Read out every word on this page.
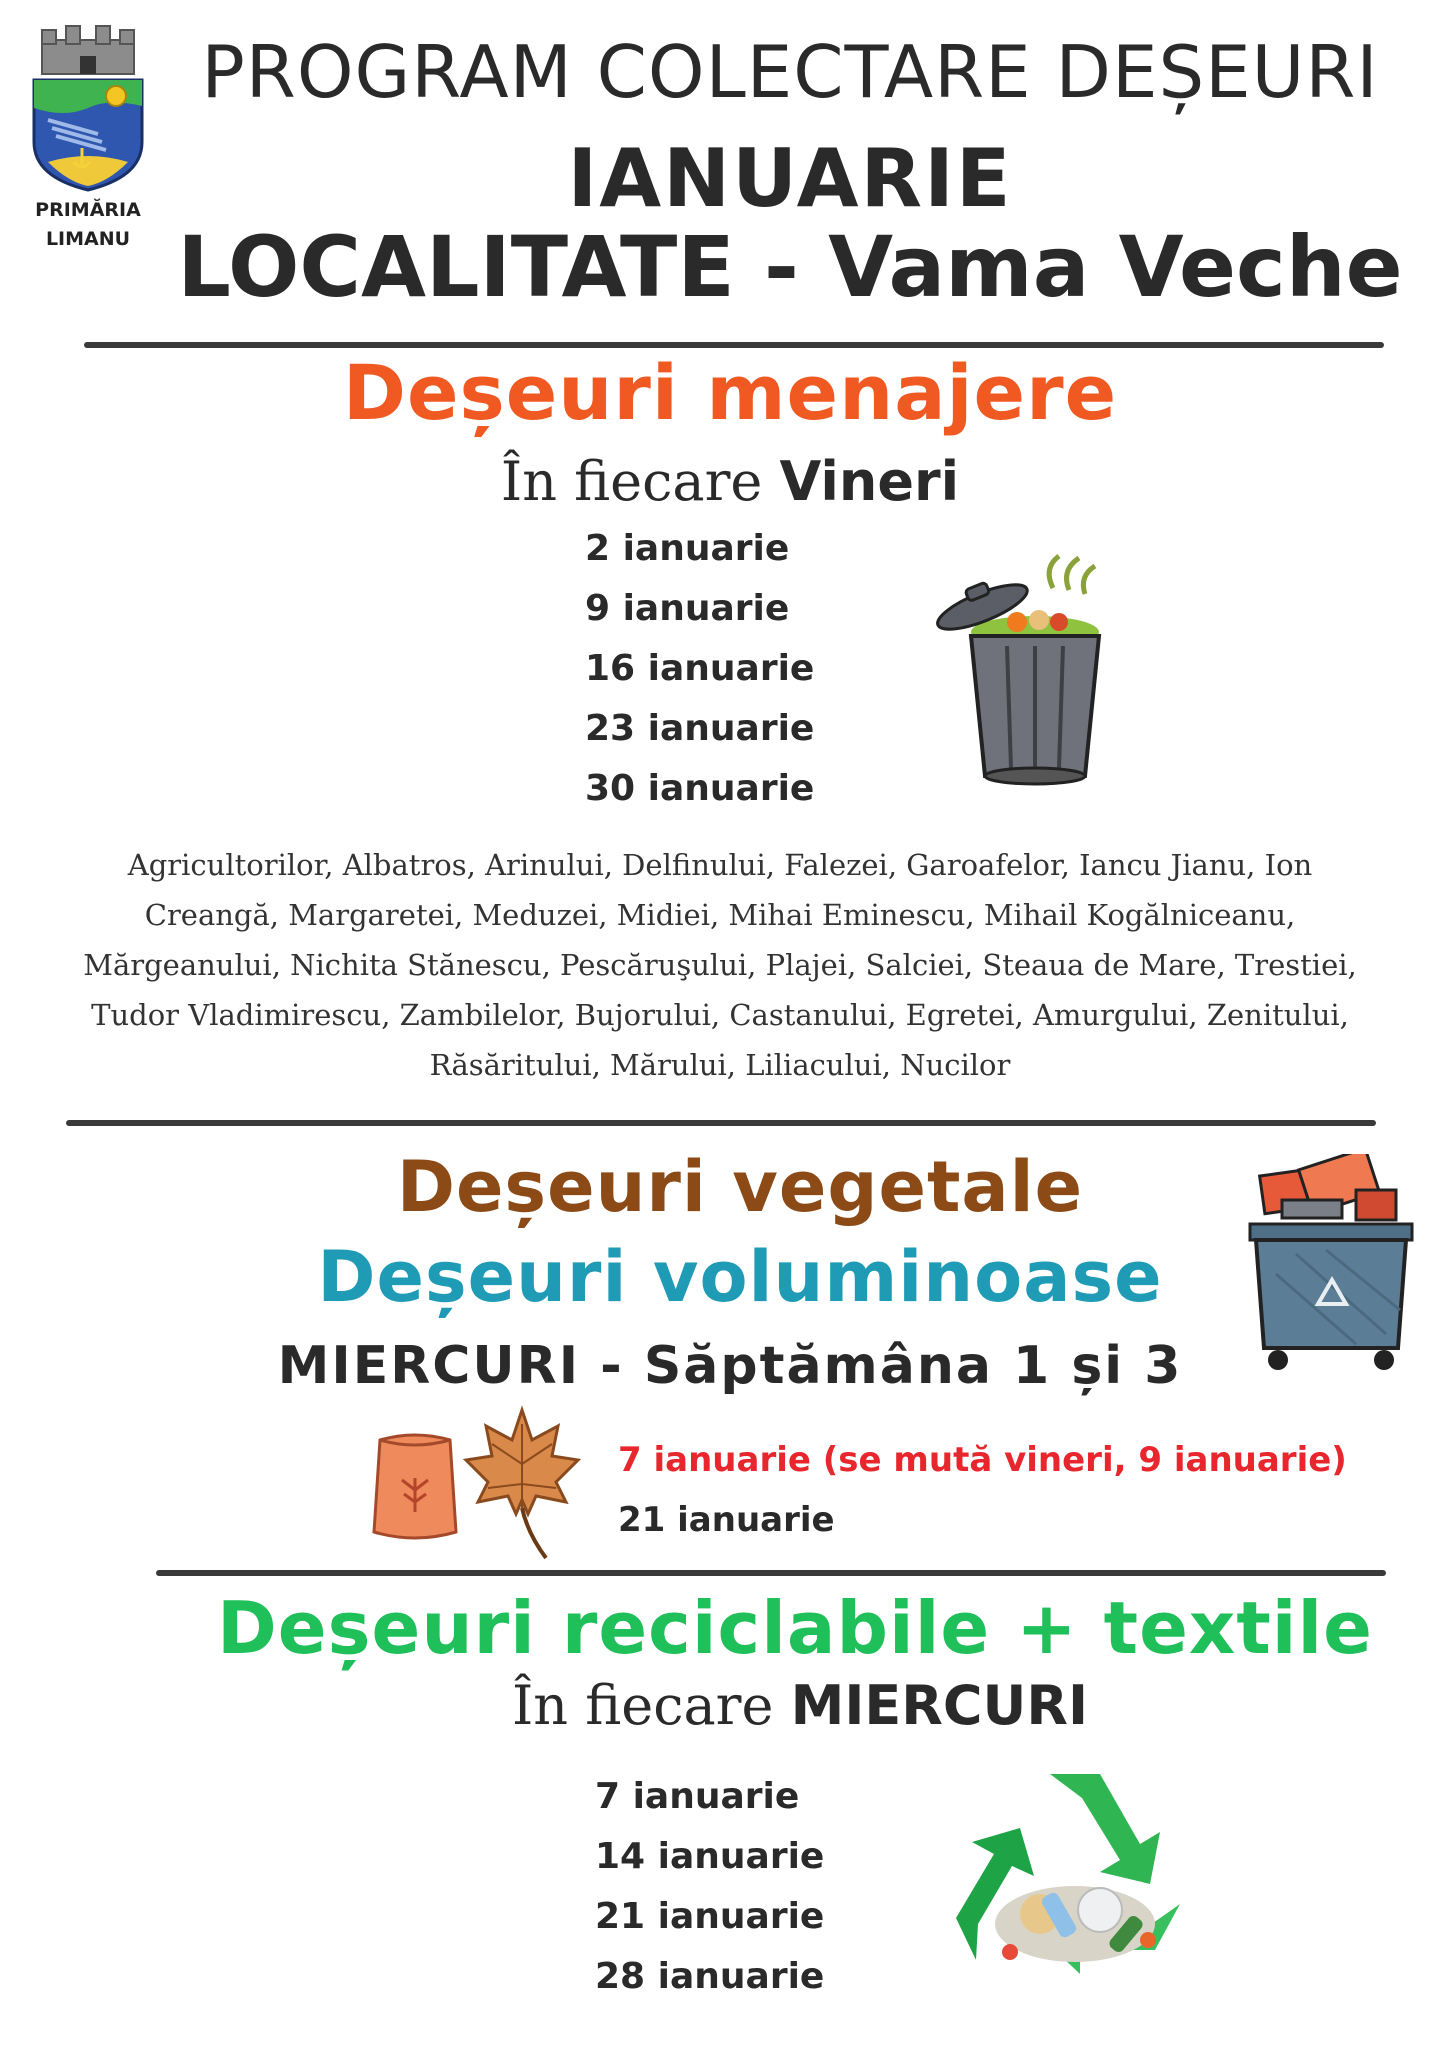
PRIMĂRIA
LIMANU
PROGRAM COLECTARE DEȘEURI
IANUARIE
LOCALITATE - Vama Veche
Deșeuri menajere
În fiecare Vineri
2 ianuarie
9 ianuarie
16 ianuarie
23 ianuarie
30 ianuarie
Agricultorilor, Albatros, Arinului, Delfinului, Falezei, Garoafelor, Iancu Jianu, Ion Creangă, Margaretei, Meduzei, Midiei, Mihai Eminescu, Mihail Kogălniceanu, Mărgeanului, Nichita Stănescu, Pescăruşului, Plajei, Salciei, Steaua de Mare, Trestiei, Tudor Vladimirescu, Zambilelor, Bujorului, Castanului, Egretei, Amurgului, Zenitului, Răsăritului, Mărului, Liliacului, Nucilor
Deșeuri vegetale
Deșeuri voluminoase
MIERCURI - Săptămâna 1 și 3
7 ianuarie (se mută vineri, 9 ianuarie)
21 ianuarie
Deșeuri reciclabile + textile
În fiecare MIERCURI
7 ianuarie
14 ianuarie
21 ianuarie
28 ianuarie
